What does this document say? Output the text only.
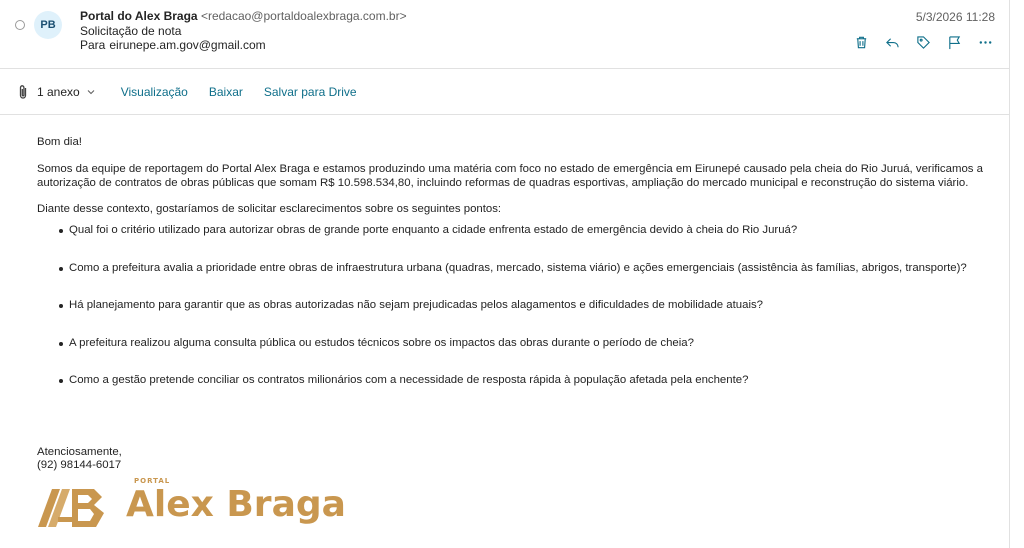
PB
Portal do Alex Braga <redacao@portaldoalexbraga.com.br>
Solicitação de nota
Para eirunepe.am.gov@gmail.com
5/3/2026 11:28
1 anexo	Visualização Baixar Salvar para Drive

Bom dia!

Somos da equipe de reportagem do Portal Alex Braga e estamos produzindo uma matéria com foco no estado de emergência em Eirunepé causado pela cheia do Rio Juruá, verificamos a autorização de contratos de obras públicas que somam R$ 10.598.534,80, incluindo reformas de quadras esportivas, ampliação do mercado municipal e reconstrução do sistema viário.

Diante desse contexto, gostaríamos de solicitar esclarecimentos sobre os seguintes pontos:

Qual foi o critério utilizado para autorizar obras de grande porte enquanto a cidade enfrenta estado de emergência devido à cheia do Rio Juruá?
Como a prefeitura avalia a prioridade entre obras de infraestrutura urbana (quadras, mercado, sistema viário) e ações emergenciais (assistência às famílias, abrigos, transporte)?
Há planejamento para garantir que as obras autorizadas não sejam prejudicadas pelos alagamentos e dificuldades de mobilidade atuais?
A prefeitura realizou alguma consulta pública ou estudos técnicos sobre os impactos das obras durante o período de cheia?
Como a gestão pretende conciliar os contratos milionários com a necessidade de resposta rápida à população afetada pela enchente?
Atenciosamente,
(92) 98144-6017
PORTAL
Alex Braga
